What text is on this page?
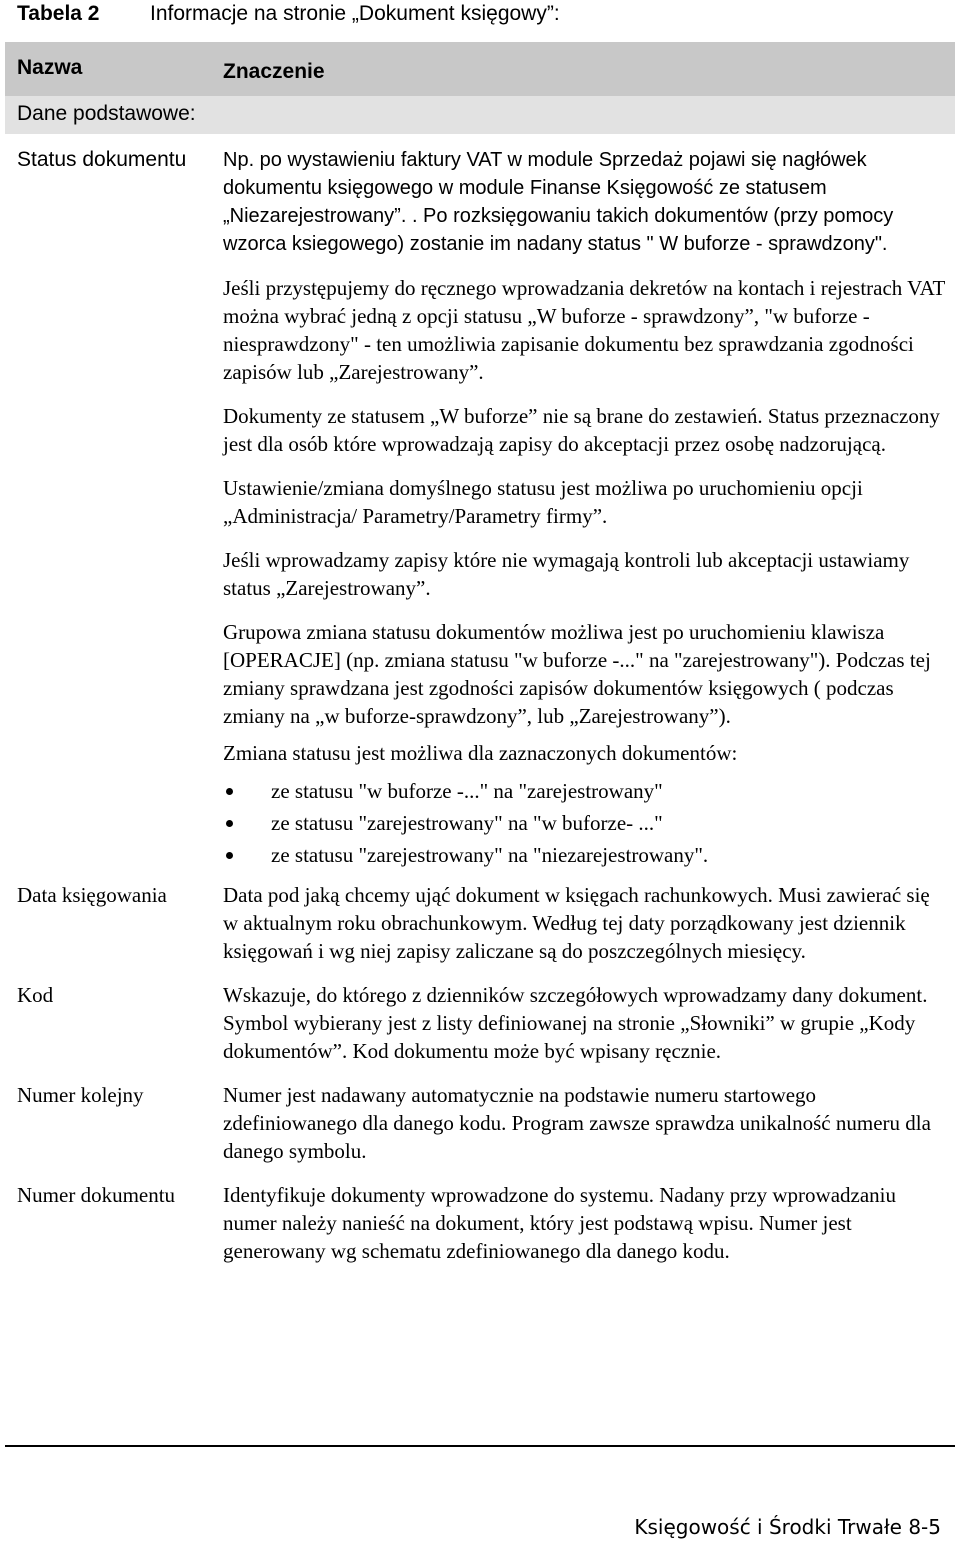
Tabela 2 Informacje na stronie „Dokument księgowy”:
Nazwa	Znaczenie
Dane podstawowe:
Status dokumentu	Np. po wystawieniu faktury VAT w module Sprzedaż pojawi się nagłówek dokumentu księgowego w module Finanse Księgowość ze statusem „Niezarejestrowany”. . Po rozksięgowaniu takich dokumentów (przy pomocy wzorca ksiegowego) zostanie im nadany status " W buforze - sprawdzony".

Jeśli przystępujemy do ręcznego wprowadzania dekretów na kontach i rejestrach VAT można wybrać jedną z opcji statusu „W buforze - sprawdzony”, "w buforze - niesprawdzony" - ten umożliwia zapisanie dokumentu bez sprawdzania zgodności zapisów lub „Zarejestrowany”.

Dokumenty ze statusem „W buforze” nie są brane do zestawień. Status przeznaczony jest dla osób które wprowadzają zapisy do akceptacji przez osobę nadzorującą.

Ustawienie/zmiana domyślnego statusu jest możliwa po uruchomieniu opcji „Administracja/ Parametry/Parametry firmy”.

Jeśli wprowadzamy zapisy które nie wymagają kontroli lub akceptacji ustawiamy status „Zarejestrowany”.

Grupowa zmiana statusu dokumentów możliwa jest po uruchomieniu klawisza [OPERACJE] (np. zmiana statusu "w buforze -..." na "zarejestrowany"). Podczas tej zmiany sprawdzana jest zgodności zapisów dokumentów księgowych ( podczas zmiany na „w buforze-sprawdzony”, lub „Zarejestrowany”).

Zmiana statusu jest możliwa dla zaznaczonych dokumentów:

ze statusu "w buforze -..." na "zarejestrowany"
ze statusu "zarejestrowany" na "w buforze- ..."
ze statusu "zarejestrowany" na "niezarejestrowany".
Data księgowania	Data pod jaką chcemy ująć dokument w księgach rachunkowych. Musi zawierać się w aktualnym roku obrachunkowym. Według tej daty porządkowany jest dziennik księgowań i wg niej zapisy zaliczane są do poszczególnych miesięcy.
Kod	Wskazuje, do którego z dzienników szczegółowych wprowadzamy dany dokument. Symbol wybierany jest z listy definiowanej na stronie „Słowniki” w grupie „Kody dokumentów”. Kod dokumentu może być wpisany ręcznie.
Numer kolejny	Numer jest nadawany automatycznie na podstawie numeru startowego zdefiniowanego dla danego kodu. Program zawsze sprawdza unikalność numeru dla danego symbolu.
Numer dokumentu	Identyfikuje dokumenty wprowadzone do systemu. Nadany przy wprowadzaniu numer należy nanieść na dokument, który jest podstawą wpisu. Numer jest generowany wg schematu zdefiniowanego dla danego kodu.
Księgowość i Środki Trwałe 8-5
